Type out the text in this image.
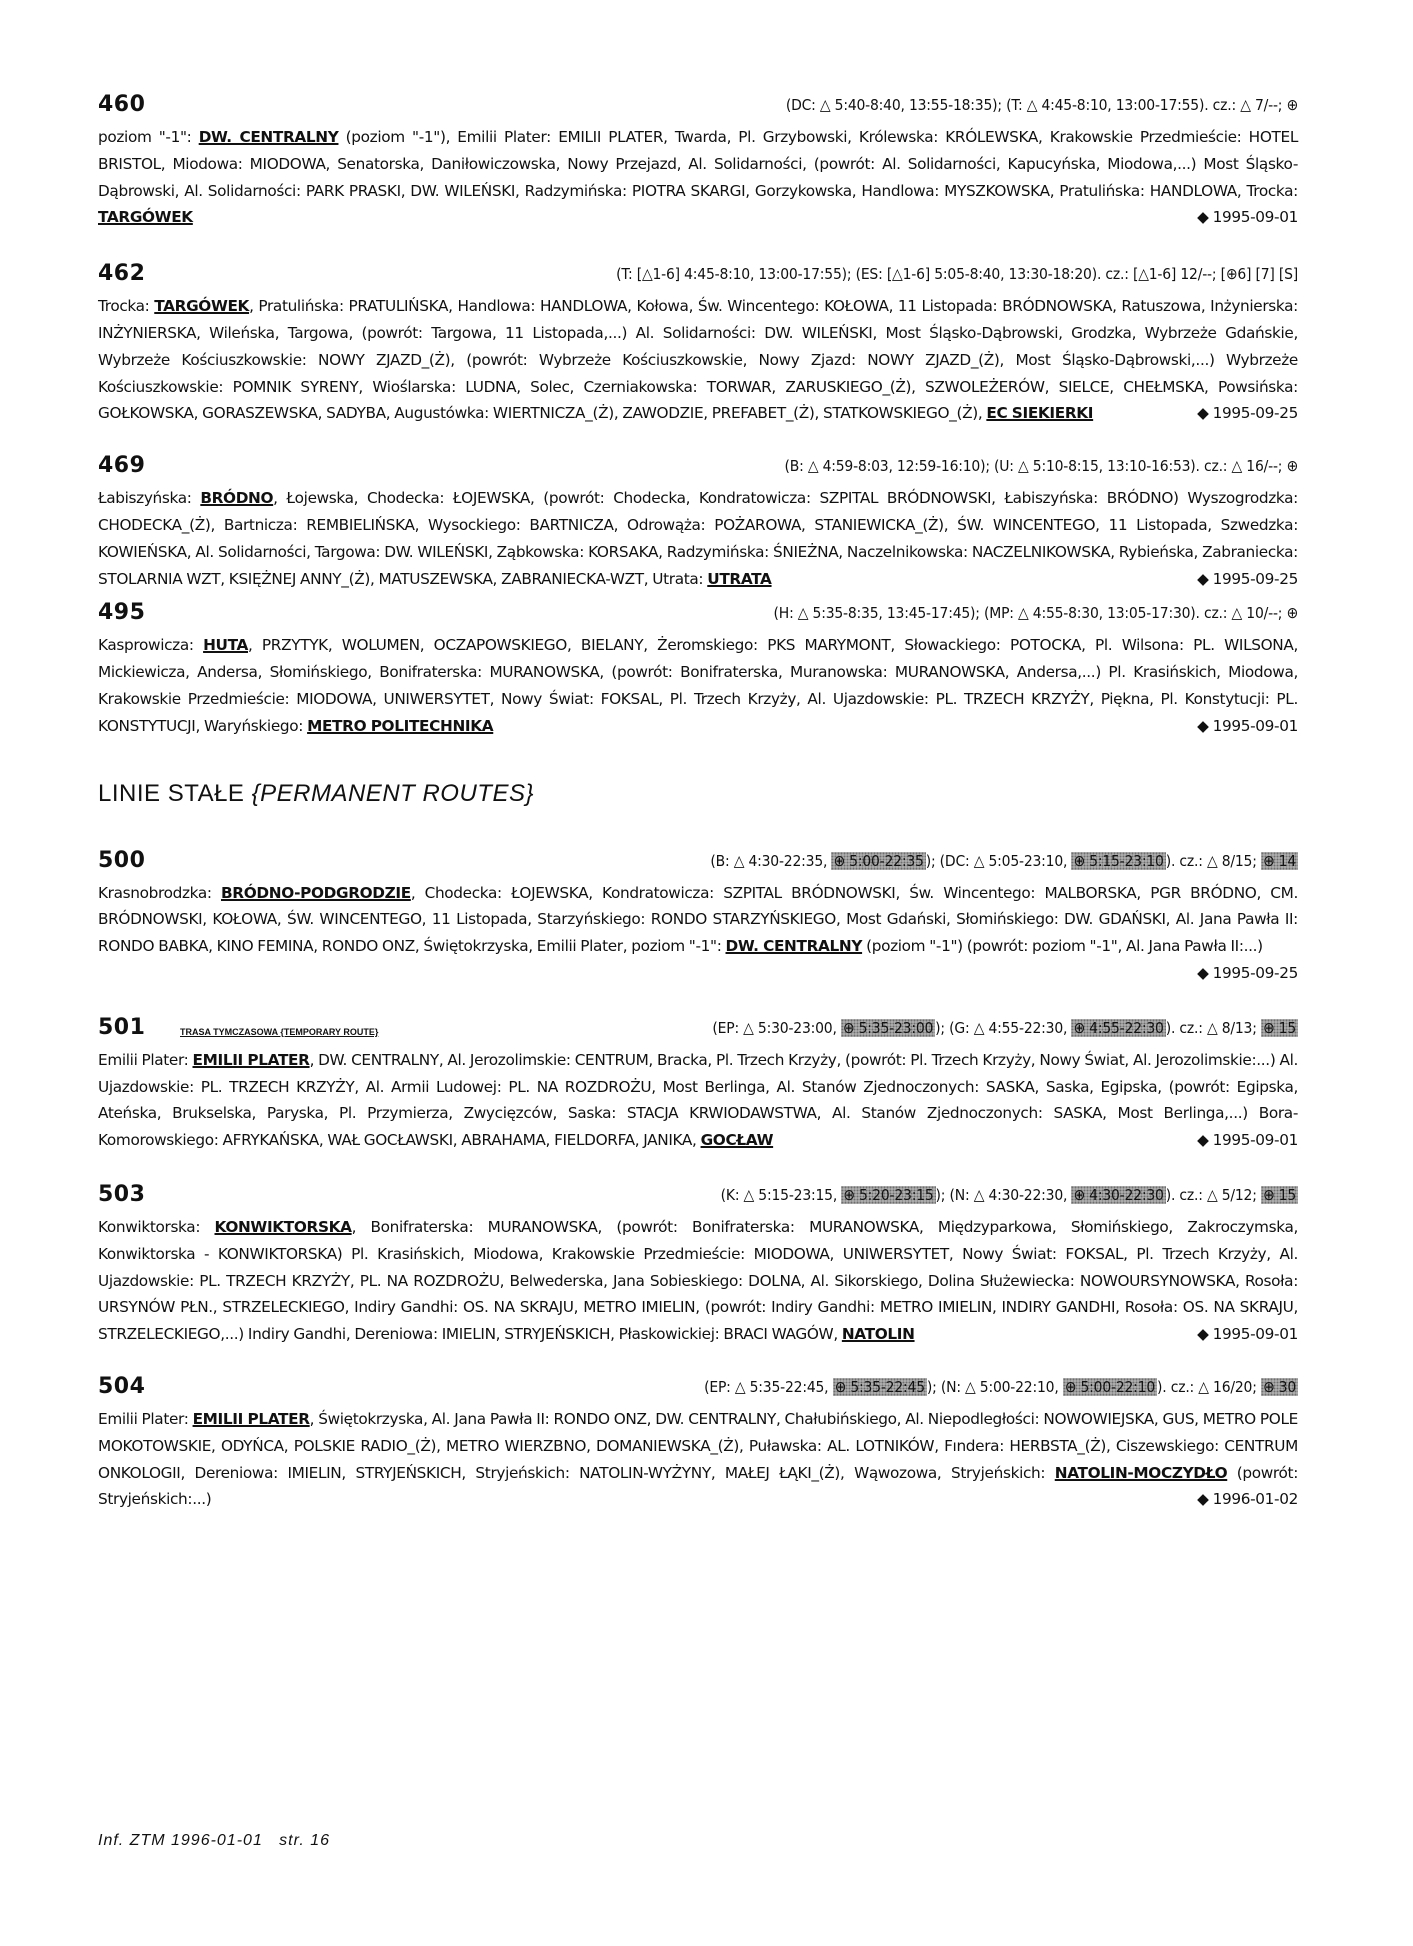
460	(DC: △ 5:40-8:40, 13:55-18:35); (T: △ 4:45-8:10, 13:00-17:55). cz.: △ 7/--; ⊕
poziom "-1": DW. CENTRALNY (poziom "-1"), Emilii Plater: EMILII PLATER, Twarda, Pl. Grzybowski, Królewska: KRÓLEWSKA, Krakowskie Przedmieście: HOTEL BRISTOL, Miodowa: MIODOWA, Senatorska, Daniłowiczowska, Nowy Przejazd, Al. Solidarności, (powrót: Al. Solidarności, Kapucyńska, Miodowa,...) Most Śląsko-Dąbrowski, Al. Solidarności: PARK PRASKI, DW. WILEŃSKI, Radzymińska: PIOTRA SKARGI, Gorzykowska, Handlowa: MYSZKOWSKA, Pratulińska: HANDLOWA, Trocka: TARGÓWEK	◆ 1995-09-01
462	(T: [△1-6] 4:45-8:10, 13:00-17:55); (ES: [△1-6] 5:05-8:40, 13:30-18:20). cz.: [△1-6] 12/--; [⊕6] [7] [S]
Trocka: TARGÓWEK, Pratulińska: PRATULIŃSKA, Handlowa: HANDLOWA, Kołowa, Św. Wincentego: KOŁOWA, 11 Listopada: BRÓDNOWSKA, Ratuszowa, Inżynierska: INŻYNIERSKA, Wileńska, Targowa, (powrót: Targowa, 11 Listopada,...) Al. Solidarności: DW. WILEŃSKI, Most Śląsko-Dąbrowski, Grodzka, Wybrzeże Gdańskie, Wybrzeże Kościuszkowskie: NOWY ZJAZD_(Ż), (powrót: Wybrzeże Kościuszkowskie, Nowy Zjazd: NOWY ZJAZD_(Ż), Most Śląsko-Dąbrowski,...) Wybrzeże Kościuszkowskie: POMNIK SYRENY, Wioślarska: LUDNA, Solec, Czerniakowska: TORWAR, ZARUSKIEGO_(Ż), SZWOLEŻERÓW, SIELCE, CHEŁMSKA, Powsińska: GOŁKOWSKA, GORASZEWSKA, SADYBA, Augustówka: WIERTNICZA_(Ż), ZAWODZIE, PREFABET_(Ż), STATKOWSKIEGO_(Ż), EC SIEKIERKI	◆ 1995-09-25
469	(B: △ 4:59-8:03, 12:59-16:10); (U: △ 5:10-8:15, 13:10-16:53). cz.: △ 16/--; ⊕
Łabiszyńska: BRÓDNO, Łojewska, Chodecka: ŁOJEWSKA, (powrót: Chodecka, Kondratowicza: SZPITAL BRÓDNOWSKI, Łabiszyńska: BRÓDNO) Wyszogrodzka: CHODECKA_(Ż), Bartnicza: REMBIELIŃSKA, Wysockiego: BARTNICZA, Odrowąża: POŻAROWA, STANIEWICKA_(Ż), ŚW. WINCENTEGO, 11 Listopada, Szwedzka: KOWIEŃSKA, Al. Solidarności, Targowa: DW. WILEŃSKI, Ząbkowska: KORSAKA, Radzymińska: ŚNIEŻNA, Naczelnikowska: NACZELNIKOWSKA, Rybieńska, Zabraniecka: STOLARNIA WZT, KSIĘŻNEJ ANNY_(Ż), MATUSZEWSKA, ZABRANIECKA-WZT, Utrata: UTRATA	◆ 1995-09-25
495	(H: △ 5:35-8:35, 13:45-17:45); (MP: △ 4:55-8:30, 13:05-17:30). cz.: △ 10/--; ⊕
Kasprowicza: HUTA, PRZYTYK, WOLUMEN, OCZAPOWSKIEGO, BIELANY, Żeromskiego: PKS MARYMONT, Słowackiego: POTOCKA, Pl. Wilsona: PL. WILSONA, Mickiewicza, Andersa, Słomińskiego, Bonifraterska: MURANOWSKA, (powrót: Bonifraterska, Muranowska: MURANOWSKA, Andersa,...) Pl. Krasińskich, Miodowa, Krakowskie Przedmieście: MIODOWA, UNIWERSYTET, Nowy Świat: FOKSAL, Pl. Trzech Krzyży, Al. Ujazdowskie: PL. TRZECH KRZYŻY, Piękna, Pl. Konstytucji: PL. KONSTYTUCJI, Waryńskiego: METRO POLITECHNIKA	◆ 1995-09-01
LINIE STAŁE {PERMANENT ROUTES}
500	(B: △ 4:30-22:35, ⊕ 5:00-22:35 ); (DC: △ 5:05-23:10, ⊕ 5:15-23:10 ). cz.: △ 8/15; ⊕ 14
Krasnobrodzka: BRÓDNO-PODGRODZIE, Chodecka: ŁOJEWSKA, Kondratowicza: SZPITAL BRÓDNOWSKI, Św. Wincentego: MALBORSKA, PGR BRÓDNO, CM. BRÓDNOWSKI, KOŁOWA, ŚW. WINCENTEGO, 11 Listopada, Starzyńskiego: RONDO STARZYŃSKIEGO, Most Gdański, Słomińskiego: DW. GDAŃSKI, Al. Jana Pawła II: RONDO BABKA, KINO FEMINA, RONDO ONZ, Świętokrzyska, Emilii Plater, poziom "-1": DW. CENTRALNY (poziom "-1") (powrót: poziom "-1", Al. Jana Pawła II:...)
◆ 1995-09-25
501	TRASA TYMCZASOWA {TEMPORARY ROUTE}	(EP: △ 5:30-23:00, ⊕ 5:35-23:00 ); (G: △ 4:55-22:30, ⊕ 4:55-22:30 ). cz.: △ 8/13; ⊕ 15
Emilii Plater: EMILII PLATER, DW. CENTRALNY, Al. Jerozolimskie: CENTRUM, Bracka, Pl. Trzech Krzyży, (powrót: Pl. Trzech Krzyży, Nowy Świat, Al. Jerozolimskie:...) Al. Ujazdowskie: PL. TRZECH KRZYŻY, Al. Armii Ludowej: PL. NA ROZDROŻU, Most Berlinga, Al. Stanów Zjednoczonych: SASKA, Saska, Egipska, (powrót: Egipska, Ateńska, Brukselska, Paryska, Pl. Przymierza, Zwycięzców, Saska: STACJA KRWIODAWSTWA, Al. Stanów Zjednoczonych: SASKA, Most Berlinga,...) Bora-Komorowskiego: AFRYKAŃSKA, WAŁ GOCŁAWSKI, ABRAHAMA, FIELDORFA, JANIKA, GOCŁAW	◆ 1995-09-01
503	(K: △ 5:15-23:15, ⊕ 5:20-23:15 ); (N: △ 4:30-22:30, ⊕ 4:30-22:30 ). cz.: △ 5/12; ⊕ 15
Konwiktorska: KONWIKTORSKA, Bonifraterska: MURANOWSKA, (powrót: Bonifraterska: MURANOWSKA, Międzyparkowa, Słomińskiego, Zakroczymska, Konwiktorska - KONWIKTORSKA) Pl. Krasińskich, Miodowa, Krakowskie Przedmieście: MIODOWA, UNIWERSYTET, Nowy Świat: FOKSAL, Pl. Trzech Krzyży, Al. Ujazdowskie: PL. TRZECH KRZYŻY, PL. NA ROZDROŻU, Belwederska, Jana Sobieskiego: DOLNA, Al. Sikorskiego, Dolina Służewiecka: NOWOURSYNOWSKA, Rosoła: URSYNÓW PŁN., STRZELECKIEGO, Indiry Gandhi: OS. NA SKRAJU, METRO IMIELIN, (powrót: Indiry Gandhi: METRO IMIELIN, INDIRY GANDHI, Rosoła: OS. NA SKRAJU, STRZELECKIEGO,...) Indiry Gandhi, Dereniowa: IMIELIN, STRYJEŃSKICH, Płaskowickiej: BRACI WAGÓW, NATOLIN	◆ 1995-09-01
504	(EP: △ 5:35-22:45, ⊕ 5:35-22:45 ); (N: △ 5:00-22:10, ⊕ 5:00-22:10 ). cz.: △ 16/20; ⊕ 30
Emilii Plater: EMILII PLATER, Świętokrzyska, Al. Jana Pawła II: RONDO ONZ, DW. CENTRALNY, Chałubińskiego, Al. Niepodległości: NOWOWIEJSKA, GUS, METRO POLE MOKOTOWSKIE, ODYŃCA, POLSKIE RADIO_(Ż), METRO WIERZBNO, DOMANIEWSKA_(Ż), Puławska: AL. LOTNIKÓW, Fındera: HERBSTA_(Ż), Ciszewskiego: CENTRUM ONKOLOGII, Dereniowa: IMIELIN, STRYJEŃSKICH, Stryjeńskich: NATOLIN-WYŻYNY, MAŁEJ ŁĄKI_(Ż), Wąwozowa, Stryjeńskich: NATOLIN-MOCZYDŁO (powrót: Stryjeńskich:...)	◆ 1996-01-02
Inf. ZTM 1996-01-01   str. 16
